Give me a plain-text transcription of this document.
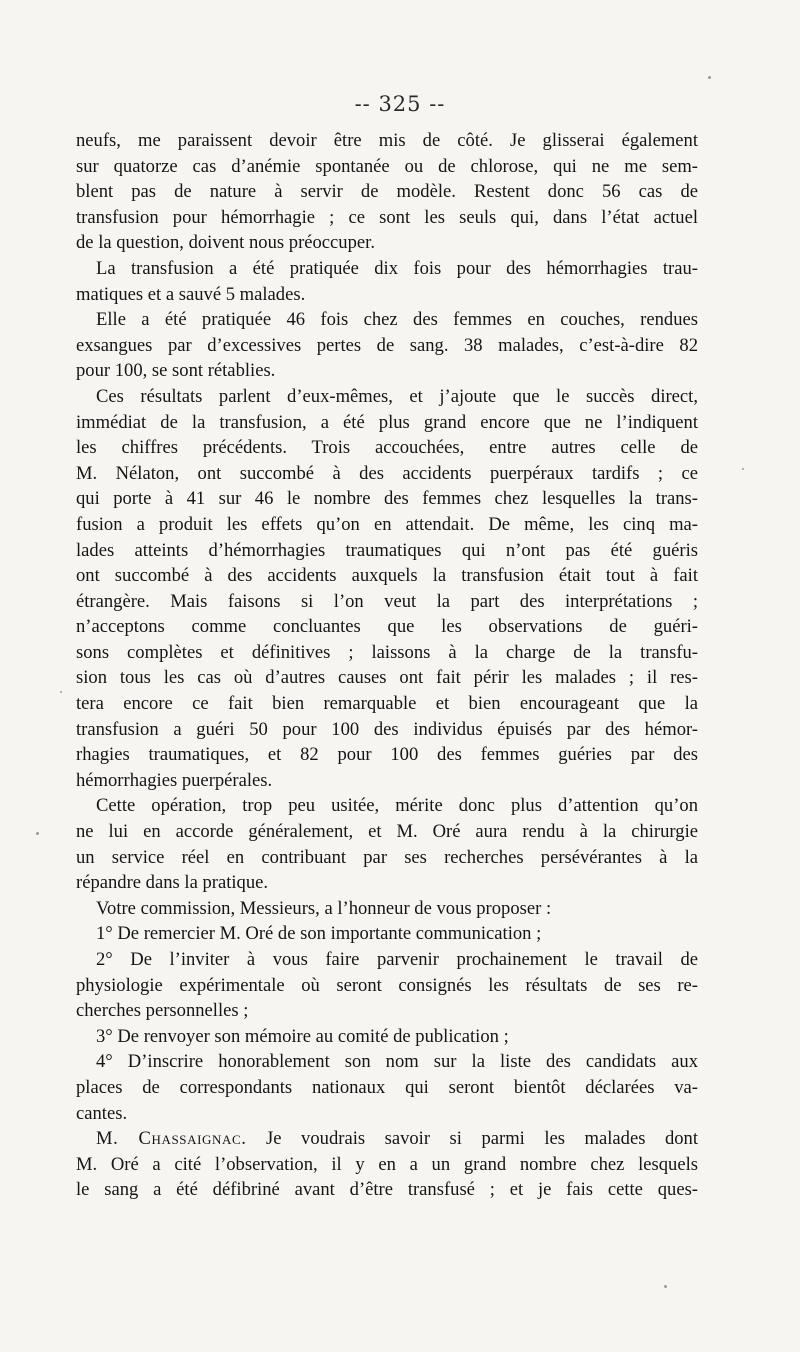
-- 325 --
neufs, me paraissent devoir être mis de côté. Je glisserai également
sur quatorze cas d’anémie spontanée ou de chlorose, qui ne me sem-
blent pas de nature à servir de modèle. Restent donc 56 cas de
transfusion pour hémorrhagie ; ce sont les seuls qui, dans l’état actuel
de la question, doivent nous préoccuper.
La transfusion a été pratiquée dix fois pour des hémorrhagies trau-
matiques et a sauvé 5 malades.
Elle a été pratiquée 46 fois chez des femmes en couches, rendues
exsangues par d’excessives pertes de sang. 38 malades, c’est-à-dire 82
pour 100, se sont rétablies.
Ces résultats parlent d’eux-mêmes, et j’ajoute que le succès direct,
immédiat de la transfusion, a été plus grand encore que ne l’indiquent
les chiffres précédents. Trois accouchées, entre autres celle de
M. Nélaton, ont succombé à des accidents puerpéraux tardifs ; ce
qui porte à 41 sur 46 le nombre des femmes chez lesquelles la trans-
fusion a produit les effets qu’on en attendait. De même, les cinq ma-
lades atteints d’hémorrhagies traumatiques qui n’ont pas été guéris
ont succombé à des accidents auxquels la transfusion était tout à fait
étrangère. Mais faisons si l’on veut la part des interprétations ;
n’acceptons comme concluantes que les observations de guéri-
sons complètes et définitives ; laissons à la charge de la transfu-
sion tous les cas où d’autres causes ont fait périr les malades ; il res-
tera encore ce fait bien remarquable et bien encourageant que la
transfusion a guéri 50 pour 100 des individus épuisés par des hémor-
rhagies traumatiques, et 82 pour 100 des femmes guéries par des
hémorrhagies puerpérales.
Cette opération, trop peu usitée, mérite donc plus d’attention qu’on
ne lui en accorde généralement, et M. Oré aura rendu à la chirurgie
un service réel en contribuant par ses recherches persévérantes à la
répandre dans la pratique.
Votre commission, Messieurs, a l’honneur de vous proposer :
1° De remercier M. Oré de son importante communication ;
2° De l’inviter à vous faire parvenir prochainement le travail de
physiologie expérimentale où seront consignés les résultats de ses re-
cherches personnelles ;
3° De renvoyer son mémoire au comité de publication ;
4° D’inscrire honorablement son nom sur la liste des candidats aux
places de correspondants nationaux qui seront bientôt déclarées va-
cantes.
M. Chassaignac. Je voudrais savoir si parmi les malades dont
M. Oré a cité l’observation, il y en a un grand nombre chez lesquels
le sang a été défibriné avant d’être transfusé ; et je fais cette ques-
